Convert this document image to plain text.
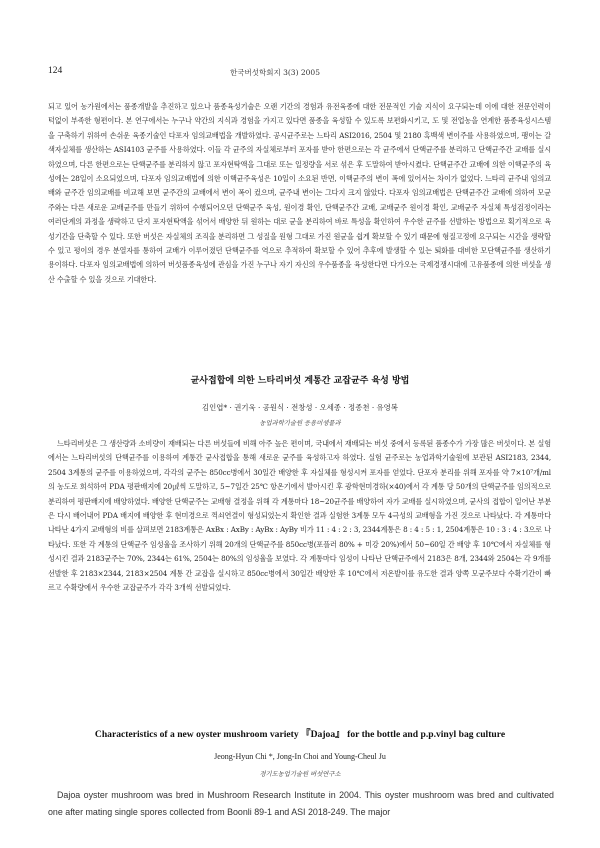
124	한국버섯학회지 3(3) 2005

되고 있어 농가원에서는 품종개발을 추진하고 있으나 품종육성기술은 오랜 기간의 경험과 유전육종에 대한 전문적인 기술 지식이 요구되는데 이에 대한 전문인력이 턱없이 부족한 형편이다. 본 연구에서는 누구나 약간의 지식과 경험을 가지고 있다면 품종을 육성할 수 있도록 보편화시키고, 도 및 전업농을 연계한 품종육성시스템을 구축하기 위하여 손쉬운 육종기술인 다포자 임의교배법을 개발하였다. 공시균주로는 느타리 ASI2016, 2504 및 2180 흑백색 변이주를 사용하였으며, 팽이는 갈색자실체를 생산하는 ASI4103 균주를 사용하였다. 이들 각 균주의 자실체로부터 포자를 받아 한편으로는 각 균주에서 단핵균주를 분리하고 단핵균주간 교배를 실시하였으며, 다른 한편으로는 단핵균주를 분리하지 않고 포자현탁액을 그대로 또는 일정량을 서로 섞은 후 도말하여 받아시켰다. 단핵균주간 교배에 의한 이핵균주의 육성에는 28일이 소요되었으며, 다포자 임의교배법에 의한 이핵균주육성은 10일이 소요된 반면, 이핵균주의 변이 폭에 있어서는 차이가 없었다. 느타리 균주내 임의교배와 균주간 임의교배를 비교해 보면 균주간의 교배에서 변이 폭이 컸으며, 균주내 변이는 그다지 크지 않았다. 다포자 임의교배법은 단핵균주간 교배에 의하여 모균주와는 다른 새로운 교배균주를 만들기 위하여 수행되어오던 단핵균주 육성, 원이경 확인, 단핵균주간 교배, 교배균주 원이경 확인, 교배균주 자실체 특성검정이라는 여러단계의 과정을 생략하고 단지 포자현탁액을 섞어서 배양한 뒤 원하는 대로 균을 분리하여 바로 특성을 확인하여 우수한 균주를 선발하는 방법으로 획기적으로 육성기간을 단축할 수 있다. 또한 버섯은 자실체의 조직을 분리하면 그 성질을 원형 그대로 가진 원균을 쉽게 확보할 수 있기 때문에 형질고정에 요구되는 시간을 생략할 수 있고 평이의 경우 분열자를 통하여 교배가 이루어졌던 단핵균주를 역으로 추적하여 확보할 수 있어 추후에 발생할 수 있는 퇴화를 대비한 모단핵균주를 생산하기 용이하다. 다포자 임의교배법에 의하여 버섯품종육성에 관심을 가진 누구나 자기 자신의 우수품종을 육성한다면 다가오는 국제경쟁시대에 고유품종에 의한 버섯을 생산 수출할 수 있을 것으로 기대한다.

균사접합에 의한 느타리버섯 계통간 교잡균주 육성 방법
김인엽* · 권기욱 · 공원식 · 전창성 · 오세종 · 정종천 · 유영복
농업과학기술원 응용미생물과

느타리버섯은 그 생산량과 소비량이 재배되는 다른 버섯들에 비해 아주 높은 편이며, 국내에서 재배되는 버섯 중에서 등록된 품종수가 가장 많은 버섯이다. 본 실험에서는 느타리버섯의 단핵균주를 이용하여 계통간 균사접합을 통해 새로운 균주를 육성하고자 하였다. 실험 균주로는 농업과학기술원에 보관된 ASI2183, 2344, 2504 3계통의 균주를 이용하였으며, 각각의 균주는 850cc병에서 30일간 배양한 후 자실체를 형성시켜 포자를 얻었다. 단포자 분리를 위해 포자를 약 7×10⁷개/ml의 농도로 희석하여 PDA 평판배지에 20㎕씩 도말하고, 5~7일간 25℃ 항온기에서 발아시킨 후 광학현미경하(×40)에서 각 계통 당 50개의 단핵균주를 임의적으로 분리하여 평판배지에 배양하였다. 배양한 단핵균주는 교배형 결정을 위해 각 계통마다 18~20균주를 배양하여 자가 교배를 실시하였으며, 균사의 접합이 일어난 부분은 다시 배어내어 PDA 배지에 배양한 후 현미경으로 꺽쇠연결이 형성되었는지 확인한 결과 실험한 3계통 모두 4극성의 교배형을 가진 것으로 나타났다. 각 계통마다 나타난 4가지 교배형의 비를 살펴보면 2183계통은 AxBx : AxBy : AyBx : AyBy 비가 11 : 4 : 2 : 3, 2344계통은 8 : 4 : 5 : 1, 2504계통은 10 : 3 : 4 : 3으로 나타났다. 또한 각 계통의 단핵균주 임성율을 조사하기 위해 20개의 단핵균주를 850cc병(포플러 80% + 미강 20%)에서 50~60일 간 배양 후 10℃에서 자실체를 형성시킨 결과 2183균주는 70%, 2344는 61%, 2504는 80%의 임성율을 보였다. 각 계통마다 임성이 나타난 단핵균주에서 2183은 8개, 2344와 2504는 각 9개를 선발한 후 2183×2344, 2183×2504 계통 간 교잡을 실시하고 850cc병에서 30일간 배양한 후 10℃에서 저온발이를 유도한 결과 양쪽 모균주보다 수확기간이 빠르고 수확량에서 우수한 교잡균주가 각각 3개씩 선발되었다.

Characteristics of a new oyster mushroom variety 『Dajoa』 for the bottle and p.p.vinyl bag culture
Jeong-Hyun Chi *, Jong-In Choi and Young-Cheul Ju
경기도농업기술원 버섯연구소

Dajoa oyster mushroom was bred in Mushroom Research Institute in 2004. This oyster mushroom was bred and cultivated one after mating single spores collected from Boonli 89-1 and ASI 2018-249. The major
